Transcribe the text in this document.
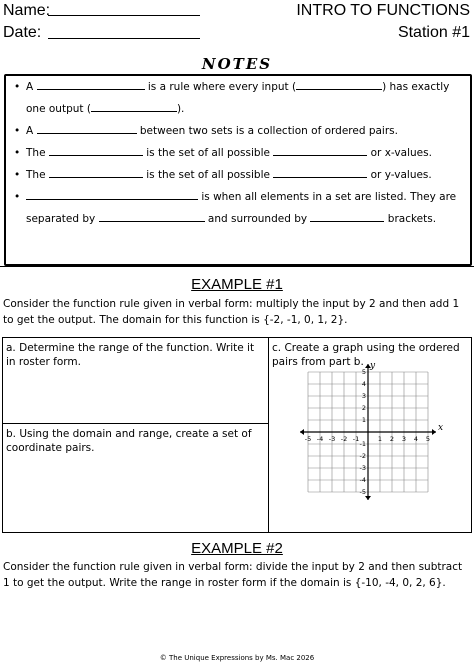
Name:
Date:
INTRO TO FUNCTIONS
Station #1
NOTES
• A	is a rule where every input (	) has exactly one output (	).
• A	between two sets is a collection of ordered pairs.
• The	is the set of all possible	or x-values.
• The	is the set of all possible	or y-values.
• is when all elements in a set are listed. They are separated by	and surrounded by	brackets.
EXAMPLE #1
Consider the function rule given in verbal form: multiply the input by 2 and then add 1 to get the output. The domain for this function is {-2, -1, 0, 1, 2}.
a. Determine the range of the function. Write it in roster form.
b. Using the domain and range, create a set of coordinate pairs.
c. Create a graph using the ordered pairs from part b.
x
y
-5 -4 -3 -2 -1	1 2 3 4 5
5
4
3
2
1
-1
-2
-3
-4
-5
EXAMPLE #2
Consider the function rule given in verbal form: divide the input by 2 and then subtract 1 to get the output. Write the range in roster form if the domain is {-10, -4, 0, 2, 6}.
© The Unique Expressions by Ms. Mac 2026
